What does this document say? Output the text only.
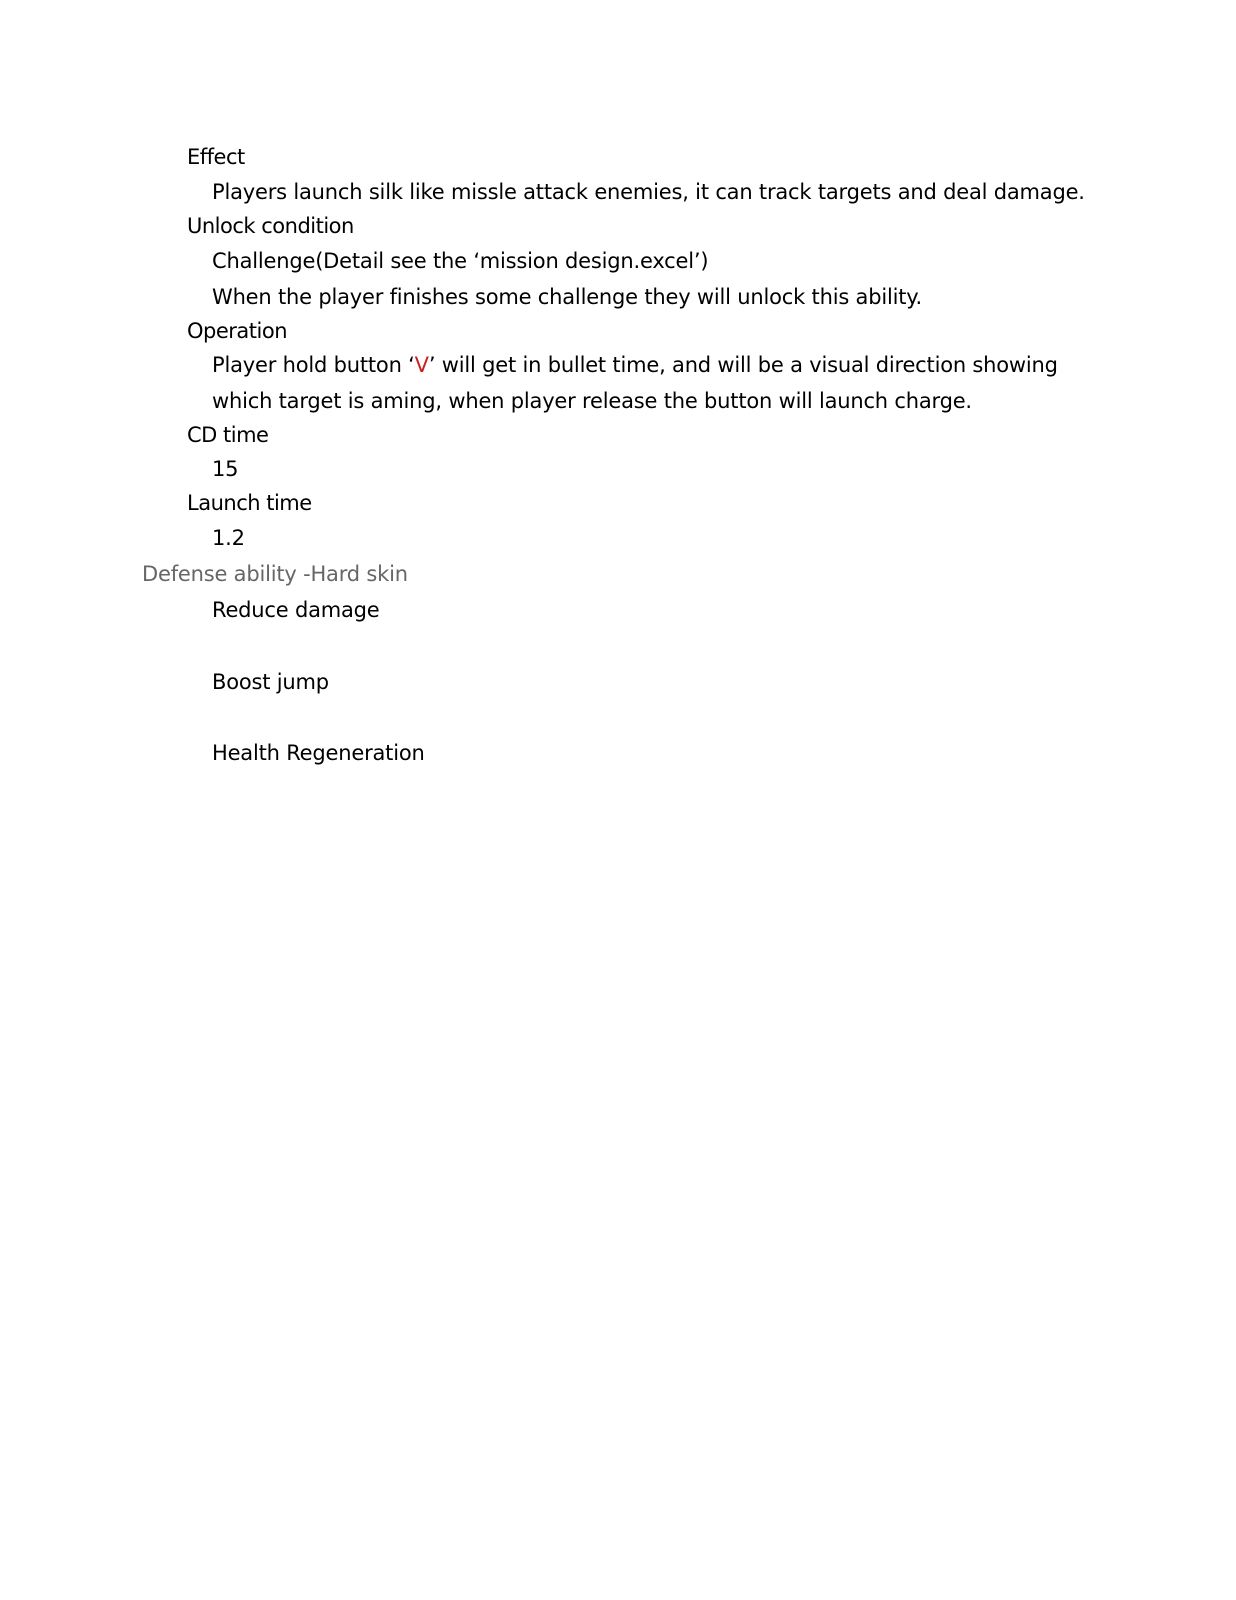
Effect
Players launch silk like missle attack enemies, it can track targets and deal damage.
Unlock condition
Challenge(Detail see the ‘mission design.excel’)
When the player finishes some challenge they will unlock this ability.
Operation
Player hold button ‘V’ will get in bullet time, and will be a visual direction showing
which target is aming, when player release the button will launch charge.
CD time
15
Launch time
1.2
Defense ability -Hard skin
Reduce damage
Boost jump
Health Regeneration
